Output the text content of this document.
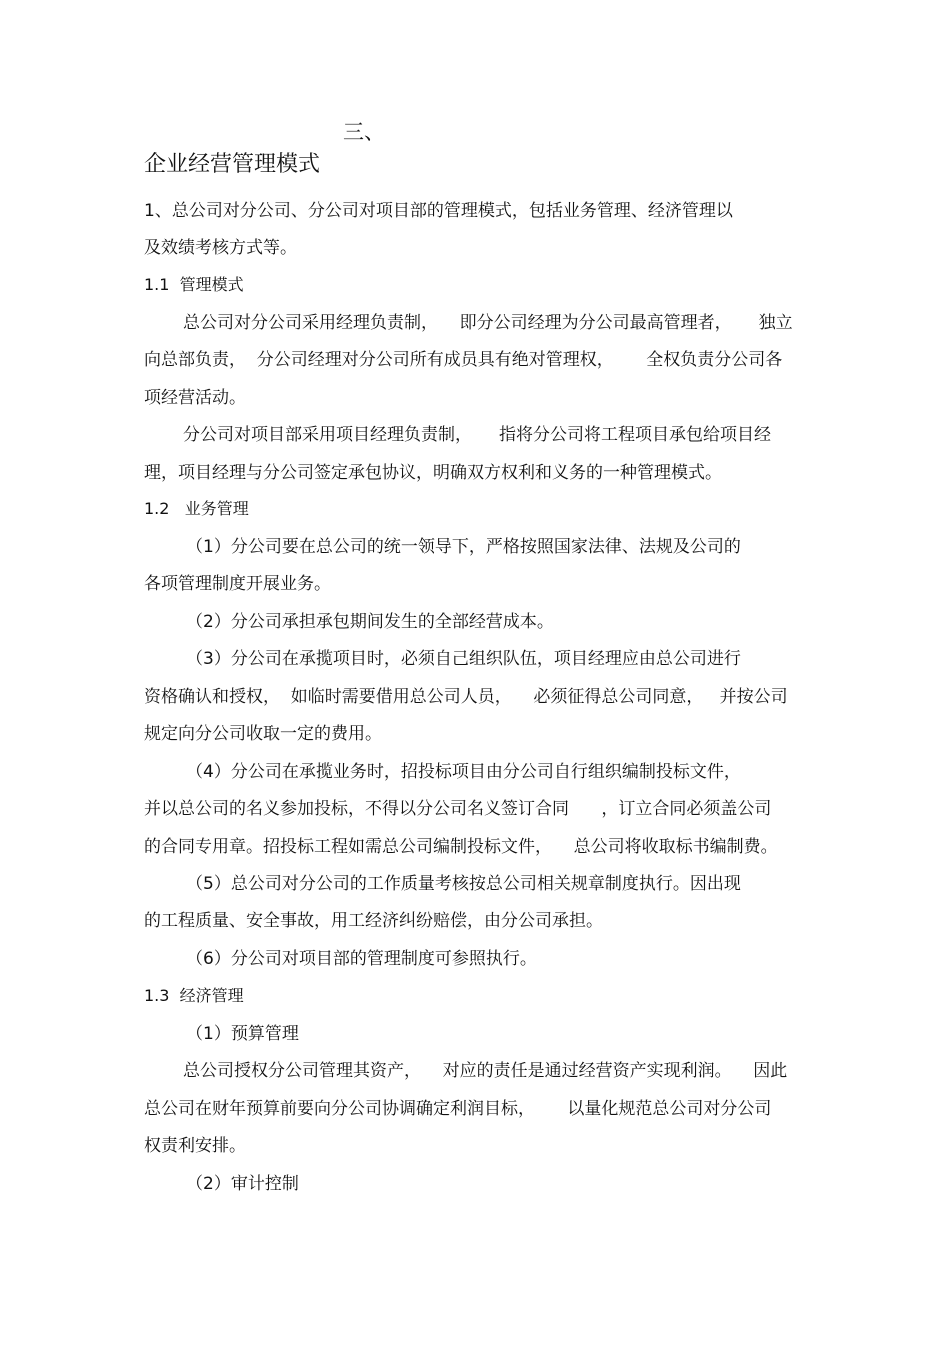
三、
企业经营管理模式
1、总公司对分公司、分公司对项目部的管理模式，包括业务管理、经济管理以
及效绩考核方式等。
1.1  管理模式
总公司对分公司采用经理负责制，    即分公司经理为分公司最高管理者，     独立
向总部负责，  分公司经理对分公司所有成员具有绝对管理权，      全权负责分公司各
项经营活动。
分公司对项目部采用项目经理负责制，     指将分公司将工程项目承包给项目经
理，项目经理与分公司签定承包协议，明确双方权利和义务的一种管理模式。
1.2   业务管理
（1）分公司要在总公司的统一领导下，严格按照国家法律、法规及公司的
各项管理制度开展业务。
（2）分公司承担承包期间发生的全部经营成本。
（3）分公司在承揽项目时，必须自己组织队伍，项目经理应由总公司进行
资格确认和授权，  如临时需要借用总公司人员，    必须征得总公司同意，   并按公司
规定向分公司收取一定的费用。
（4）分公司在承揽业务时，招投标项目由分公司自行组织编制投标文件，
并以总公司的名义参加投标，不得以分公司名义签订合同      ，订立合同必须盖公司
的合同专用章。招投标工程如需总公司编制投标文件，    总公司将收取标书编制费。
（5）总公司对分公司的工作质量考核按总公司相关规章制度执行。因出现
的工程质量、安全事故，用工经济纠纷赔偿，由分公司承担。
（6）分公司对项目部的管理制度可参照执行。
1.3  经济管理
（1）预算管理
总公司授权分公司管理其资产，    对应的责任是通过经营资产实现利润。    因此
总公司在财年预算前要向分公司协调确定利润目标，      以量化规范总公司对分公司
权责利安排。
（2）审计控制
